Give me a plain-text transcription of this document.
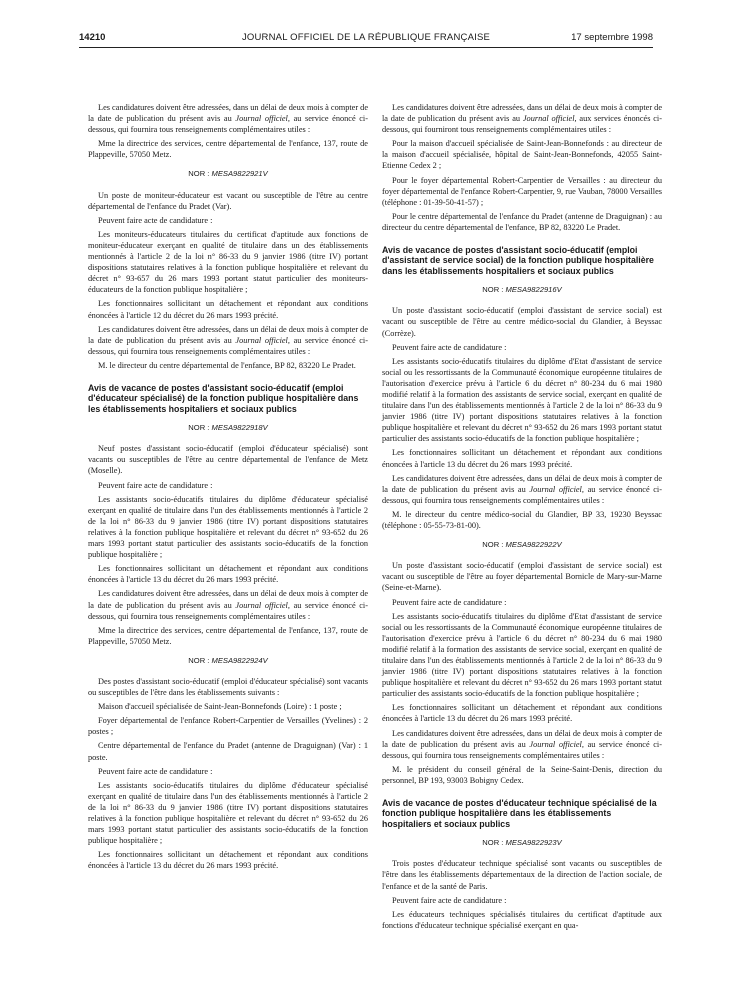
14210	JOURNAL OFFICIEL DE LA RÉPUBLIQUE FRANÇAISE	17 septembre 1998

Les candidatures doivent être adressées, dans un délai de deux mois à compter de la date de publication du présent avis au Journal officiel, au service énoncé ci-dessous, qui fournira tous renseignements complémentaires utiles :

Mme la directrice des services, centre départemental de l'enfance, 137, route de Plappeville, 57050 Metz.

NOR : MESA9822921V

Un poste de moniteur-éducateur est vacant ou susceptible de l'être au centre départemental de l'enfance du Pradet (Var).

Peuvent faire acte de candidature :

Les moniteurs-éducateurs titulaires du certificat d'aptitude aux fonctions de moniteur-éducateur exerçant en qualité de titulaire dans un des établissements mentionnés à l'article 2 de la loi n° 86-33 du 9 janvier 1986 (titre IV) portant dispositions statutaires relatives à la fonction publique hospitalière et relevant du décret n° 93-657 du 26 mars 1993 portant statut particulier des moniteurs-éducateurs de la fonction publique hospitalière ;

Les fonctionnaires sollicitant un détachement et répondant aux conditions énoncées à l'article 12 du décret du 26 mars 1993 précité.

Les candidatures doivent être adressées, dans un délai de deux mois à compter de la date de publication du présent avis au Journal officiel, au service énoncé ci-dessous, qui fournira tous renseignements complémentaires utiles :

M. le directeur du centre départemental de l'enfance, BP 82, 83220 Le Pradet.

Avis de vacance de postes d'assistant socio-éducatif (emploi d'éducateur spécialisé) de la fonction publique hospitalière dans les établissements hospitaliers et sociaux publics
NOR : MESA9822918V

Neuf postes d'assistant socio-éducatif (emploi d'éducateur spécialisé) sont vacants ou susceptibles de l'être au centre départemental de l'enfance de Metz (Moselle).

Peuvent faire acte de candidature :

Les assistants socio-éducatifs titulaires du diplôme d'éducateur spécialisé exerçant en qualité de titulaire dans l'un des établissements mentionnés à l'article 2 de la loi n° 86-33 du 9 janvier 1986 (titre IV) portant dispositions statutaires relatives à la fonction publique hospitalière et relevant du décret n° 93-652 du 26 mars 1993 portant statut particulier des assistants socio-éducatifs de la fonction publique hospitalière ;

Les fonctionnaires sollicitant un détachement et répondant aux conditions énoncées à l'article 13 du décret du 26 mars 1993 précité.

Les candidatures doivent être adressées, dans un délai de deux mois à compter de la date de publication du présent avis au Journal officiel, au service énoncé ci-dessous, qui fournira tous renseignements complémentaires utiles :

Mme la directrice des services, centre départemental de l'enfance, 137, route de Plappeville, 57050 Metz.

NOR : MESA9822924V

Des postes d'assistant socio-éducatif (emploi d'éducateur spécialisé) sont vacants ou susceptibles de l'être dans les établissements suivants :

Maison d'accueil spécialisée de Saint-Jean-Bonnefonds (Loire) : 1 poste ;

Foyer départemental de l'enfance Robert-Carpentier de Versailles (Yvelines) : 2 postes ;

Centre départemental de l'enfance du Pradet (antenne de Draguignan) (Var) : 1 poste.

Peuvent faire acte de candidature :

Les assistants socio-éducatifs titulaires du diplôme d'éducateur spécialisé exerçant en qualité de titulaire dans l'un des établissements mentionnés à l'article 2 de la loi n° 86-33 du 9 janvier 1986 (titre IV) portant dispositions statutaires relatives à la fonction publique hospitalière et relevant du décret n° 93-652 du 26 mars 1993 portant statut particulier des assistants socio-éducatifs de la fonction publique hospitalière ;

Les fonctionnaires sollicitant un détachement et répondant aux conditions énoncées à l'article 13 du décret du 26 mars 1993 précité.

Les candidatures doivent être adressées, dans un délai de deux mois à compter de la date de publication du présent avis au Journal officiel, aux services énoncés ci-dessous, qui fourniront tous renseignements complémentaires utiles :

Pour la maison d'accueil spécialisée de Saint-Jean-Bonnefonds : au directeur de la maison d'accueil spécialisée, hôpital de Saint-Jean-Bonnefonds, 42055 Saint-Etienne Cedex 2 ;

Pour le foyer départemental Robert-Carpentier de Versailles : au directeur du foyer départemental de l'enfance Robert-Carpentier, 9, rue Vauban, 78000 Versailles (téléphone : 01-39-50-41-57) ;

Pour le centre départemental de l'enfance du Pradet (antenne de Draguignan) : au directeur du centre départemental de l'enfance, BP 82, 83220 Le Pradet.

Avis de vacance de postes d'assistant socio-éducatif (emploi d'assistant de service social) de la fonction publique hospitalière dans les établissements hospitaliers et sociaux publics
NOR : MESA9822916V

Un poste d'assistant socio-éducatif (emploi d'assistant de service social) est vacant ou susceptible de l'être au centre médico-social du Glandier, à Beyssac (Corrèze).

Peuvent faire acte de candidature :

Les assistants socio-éducatifs titulaires du diplôme d'Etat d'assistant de service social ou les ressortissants de la Communauté économique européenne titulaires de l'autorisation d'exercice prévu à l'article 6 du décret n° 80-234 du 6 mai 1980 modifié relatif à la formation des assistants de service social, exerçant en qualité de titulaire dans l'un des établissements mentionnés à l'article 2 de la loi n° 86-33 du 9 janvier 1986 (titre IV) portant dispositions statutaires relatives à la fonction publique hospitalière et relevant du décret n° 93-652 du 26 mars 1993 portant statut particulier des assistants socio-éducatifs de la fonction publique hospitalière ;

Les fonctionnaires sollicitant un détachement et répondant aux conditions énoncées à l'article 13 du décret du 26 mars 1993 précité.

Les candidatures doivent être adressées, dans un délai de deux mois à compter de la date de publication du présent avis au Journal officiel, au service énoncé ci-dessous, qui fournira tous renseignements complémentaires utiles :

M. le directeur du centre médico-social du Glandier, BP 33, 19230 Beyssac (téléphone : 05-55-73-81-00).

NOR : MESA9822922V

Un poste d'assistant socio-éducatif (emploi d'assistant de service social) est vacant ou susceptible de l'être au foyer départemental Bornicle de Mary-sur-Marne (Seine-et-Marne).

Peuvent faire acte de candidature :

Les assistants socio-éducatifs titulaires du diplôme d'Etat d'assistant de service social ou les ressortissants de la Communauté économique européenne titulaires de l'autorisation d'exercice prévu à l'article 6 du décret n° 80-234 du 6 mai 1980 modifié relatif à la formation des assistants de service social, exerçant en qualité de titulaire dans l'un des établissements mentionnés à l'article 2 de la loi n° 86-33 du 9 janvier 1986 (titre IV) portant dispositions statutaires relatives à la fonction publique hospitalière et relevant du décret n° 93-652 du 26 mars 1993 portant statut particulier des assistants socio-éducatifs de la fonction publique hospitalière ;

Les fonctionnaires sollicitant un détachement et répondant aux conditions énoncées à l'article 13 du décret du 26 mars 1993 précité.

Les candidatures doivent être adressées, dans un délai de deux mois à compter de la date de publication du présent avis au Journal officiel, au service énoncé ci-dessous, qui fournira tous renseignements complémentaires utiles :

M. le président du conseil général de la Seine-Saint-Denis, direction du personnel, BP 193, 93003 Bobigny Cedex.

Avis de vacance de postes d'éducateur technique spécialisé de la fonction publique hospitalière dans les établissements hospitaliers et sociaux publics
NOR : MESA9822923V

Trois postes d'éducateur technique spécialisé sont vacants ou susceptibles de l'être dans les établissements départementaux de la direction de l'action sociale, de l'enfance et de la santé de Paris.

Peuvent faire acte de candidature :

Les éducateurs techniques spécialisés titulaires du certificat d'aptitude aux fonctions d'éducateur technique spécialisé exerçant en qua-
